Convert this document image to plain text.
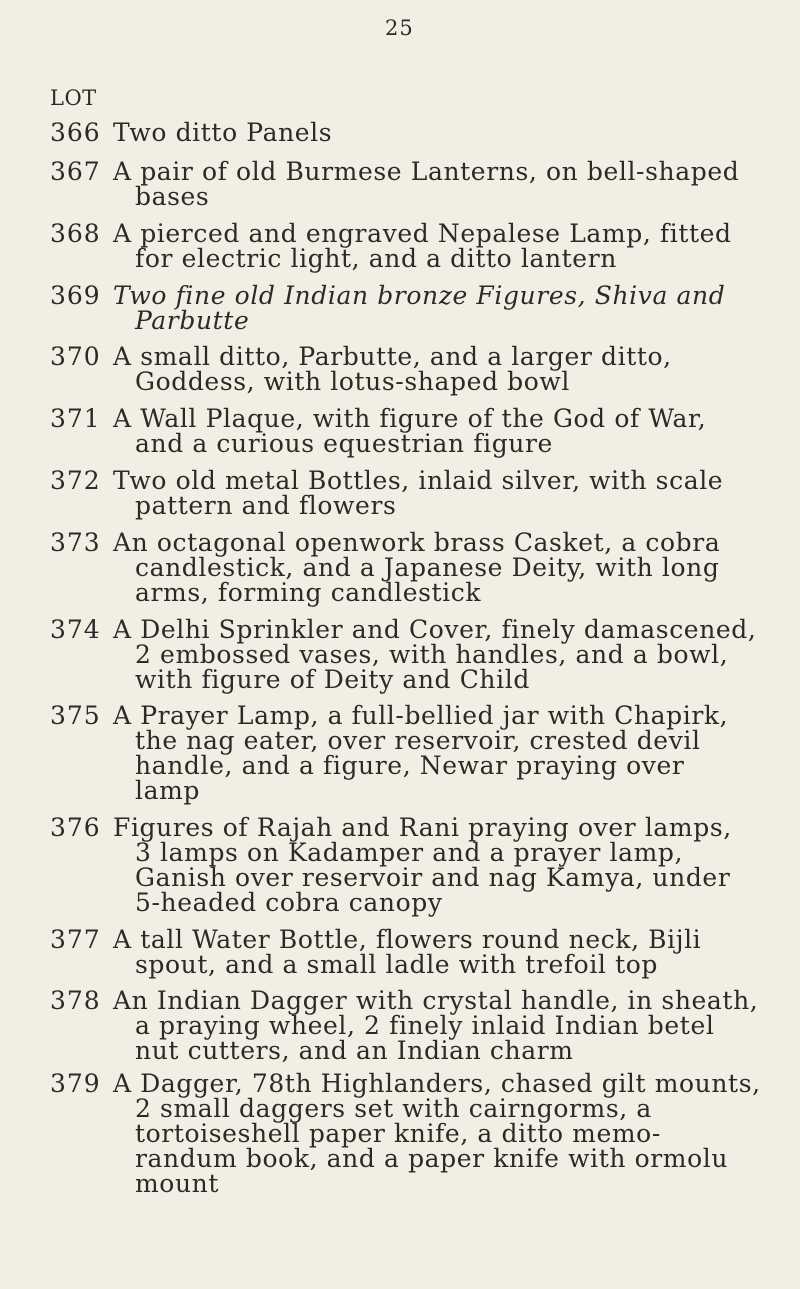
25
LOT
366 Two ditto Panels
367 A pair of old Burmese Lanterns, on bell-shaped
bases
368 A pierced and engraved Nepalese Lamp, fitted
for electric light, and a ditto lantern
369 Two fine old Indian bronze Figures, Shiva and
Parbutte
370 A small ditto, Parbutte, and a larger ditto,
Goddess, with lotus-shaped bowl
371 A Wall Plaque, with figure of the God of War,
and a curious equestrian figure
372 Two old metal Bottles, inlaid silver, with scale
pattern and flowers
373 An octagonal openwork brass Casket, a cobra
candlestick, and a Japanese Deity, with long
arms, forming candlestick
374 A Delhi Sprinkler and Cover, finely damascened,
2 embossed vases, with handles, and a bowl,
with figure of Deity and Child
375 A Prayer Lamp, a full-bellied jar with Chapirk,
the nag eater, over reservoir, crested devil
handle, and a figure, Newar praying over
lamp
376 Figures of Rajah and Rani praying over lamps,
3 lamps on Kadamper and a prayer lamp,
Ganish over reservoir and nag Kamya, under
5-headed cobra canopy
377 A tall Water Bottle, flowers round neck, Bijli
spout, and a small ladle with trefoil top
378 An Indian Dagger with crystal handle, in sheath,
a praying wheel, 2 finely inlaid Indian betel
nut cutters, and an Indian charm
379 A Dagger, 78th Highlanders, chased gilt mounts,
2 small daggers set with cairngorms, a
tortoiseshell paper knife, a ditto memo-
randum book, and a paper knife with ormolu
mount
